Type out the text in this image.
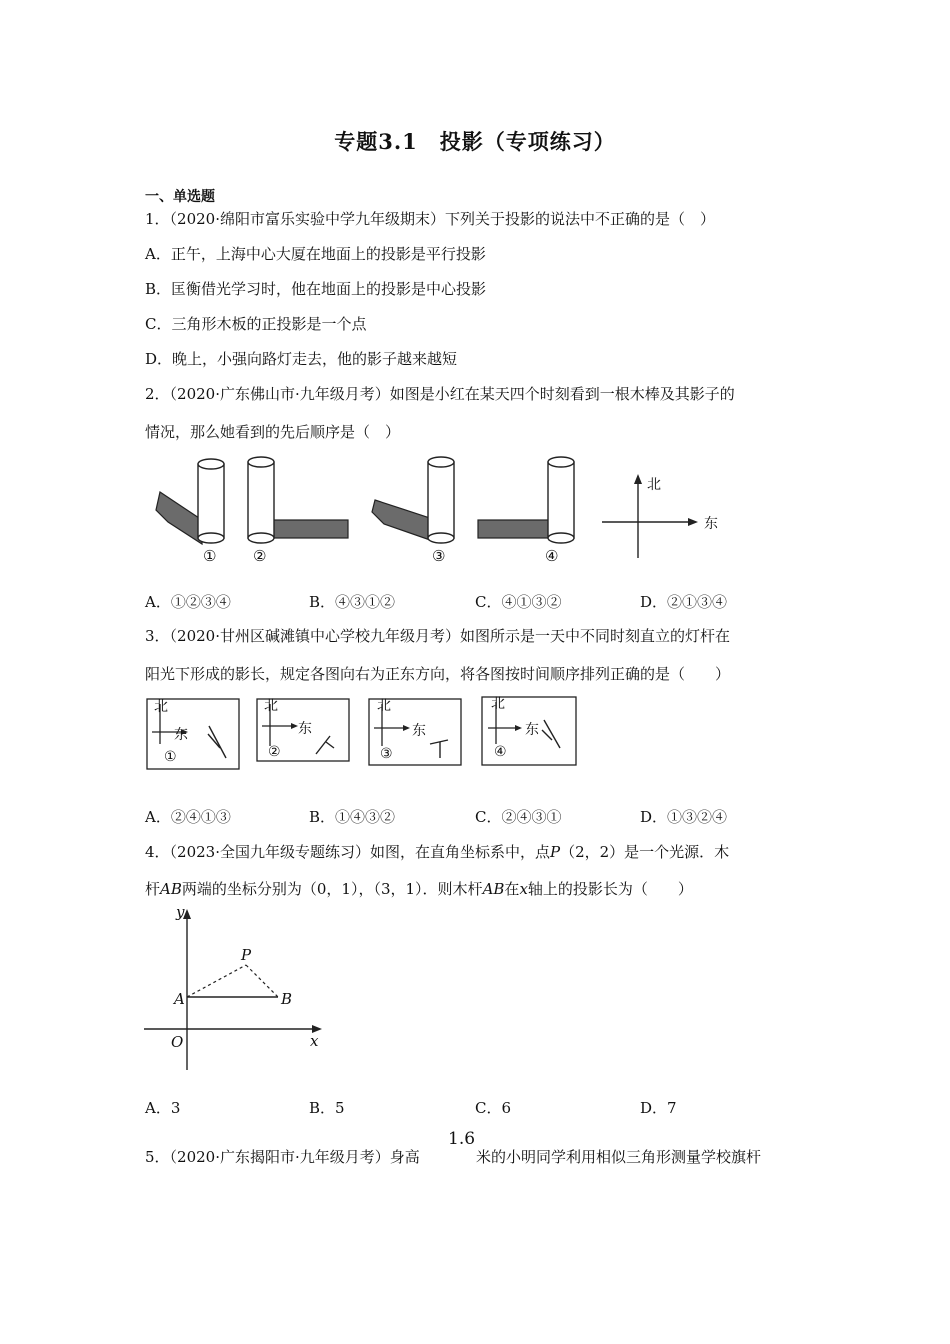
专题3.1　投影（专项练习）
一、单选题
1．（2020·绵阳市富乐实验中学九年级期末）下列关于投影的说法中不正确的是（　）
A．正午，上海中心大厦在地面上的投影是平行投影
B．匡衡借光学习时，他在地面上的投影是中心投影
C．三角形木板的正投影是一个点
D．晚上，小强向路灯走去，他的影子越来越短
2．（2020·广东佛山市·九年级月考）如图是小红在某天四个时刻看到一根木棒及其影子的
情况，那么她看到的先后顺序是（　）
① ②	③	④
北
东
A．①②③④	B．④③①②	C．④①③②	D．②①③④
3．（2020·甘州区碱滩镇中心学校九年级月考）如图所示是一天中不同时刻直立的灯杆在
阳光下形成的影长，规定各图向右为正东方向，将各图按时间顺序排列正确的是（　　）
北
东
①
北
东
②
北
东
③
北
东
④
A．②④①③	B．①④③②	C．②④③①	D．①③②④
4．（2023·全国九年级专题练习）如图，在直角坐标系中，点P（2，2）是一个光源．木
杆AB两端的坐标分别为（0，1），（3，1）．则木杆AB在x轴上的投影长为（　　）
y
x
O
A	B
P
A．3	B．5	C．6	D．7
5．（2020·广东揭阳市·九年级月考）身高
1.6
米的小明同学利用相似三角形测量学校旗杆
